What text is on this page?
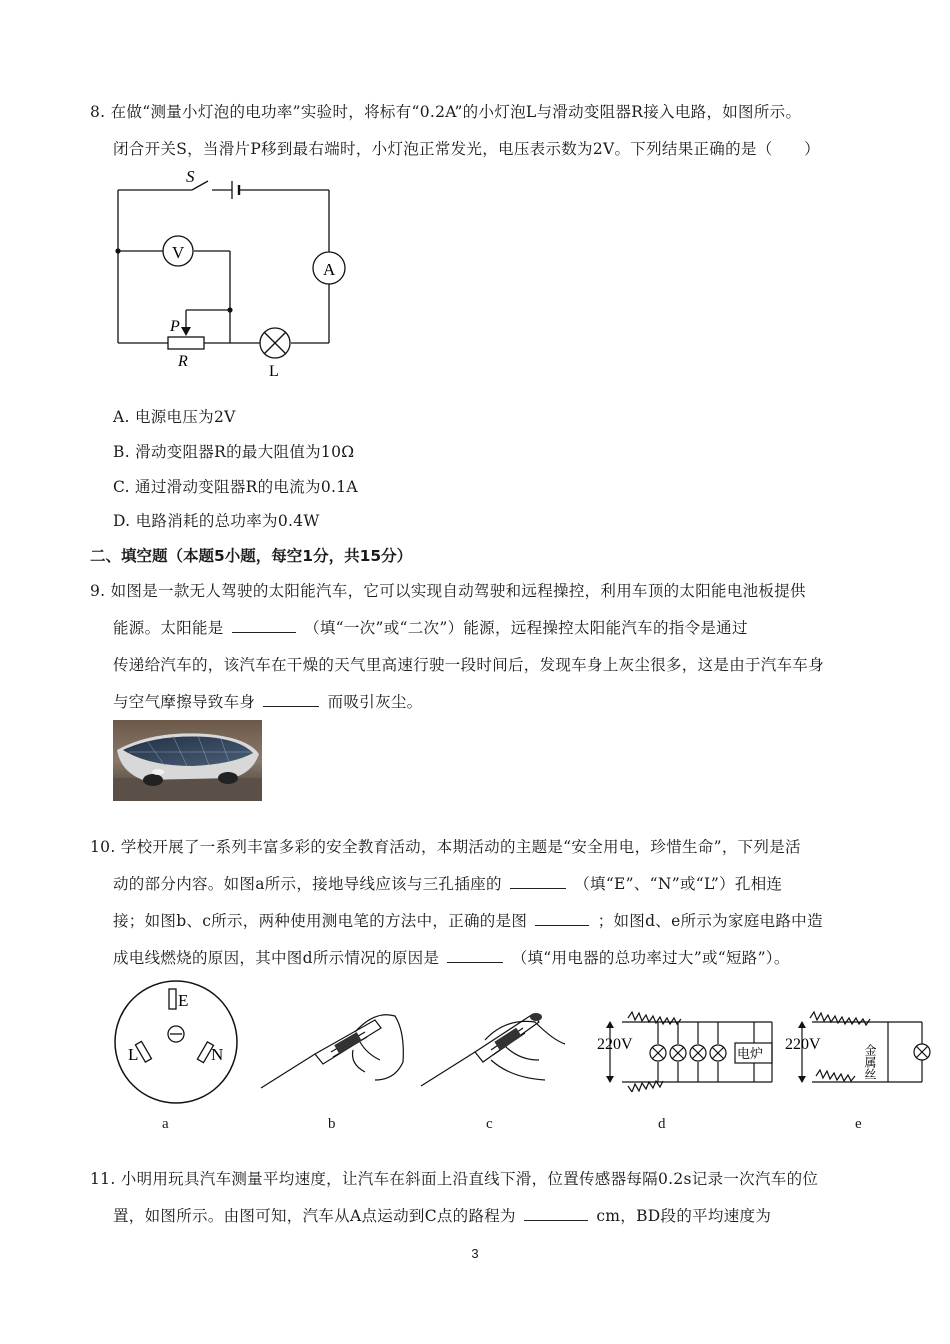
8. 在做“测量小灯泡的电功率”实验时，将标有“0.2A”的小灯泡L与滑动变阻器R接入电路，如图所示。
闭合开关S，当滑片P移到最右端时，小灯泡正常发光，电压表示数为2V。下列结果正确的是（　　）
S
V
A
P
R
L
A. 电源电压为2V
B. 滑动变阻器R的最大阻值为10Ω
C. 通过滑动变阻器R的电流为0.1A
D. 电路消耗的总功率为0.4W
二、填空题（本题5小题，每空1分，共15分）
9. 如图是一款无人驾驶的太阳能汽车，它可以实现自动驾驶和远程操控，利用车顶的太阳能电池板提供
能源。太阳能是	（填“一次”或“二次”）能源，远程操控太阳能汽车的指令是通过
传递给汽车的，该汽车在干燥的天气里高速行驶一段时间后，发现车身上灰尘很多，这是由于汽车车身
与空气摩擦导致车身	而吸引灰尘。
10. 学校开展了一系列丰富多彩的安全教育活动，本期活动的主题是“安全用电，珍惜生命”，下列是活
动的部分内容。如图a所示，接地导线应该与三孔插座的	（填“E”、“N”或“L”）孔相连
接；如图b、c所示，两种使用测电笔的方法中，正确的是图	；如图d、e所示为家庭电路中造
成电线燃烧的原因，其中图d所示情况的原因是	（填“用电器的总功率过大”或“短路”）。
E
L	N
220V
电炉
220V	金属丝
a	b	c	d	e
11. 小明用玩具汽车测量平均速度，让汽车在斜面上沿直线下滑，位置传感器每隔0.2s记录一次汽车的位
置，如图所示。由图可知，汽车从A点运动到C点的路程为	cm，BD段的平均速度为
3
